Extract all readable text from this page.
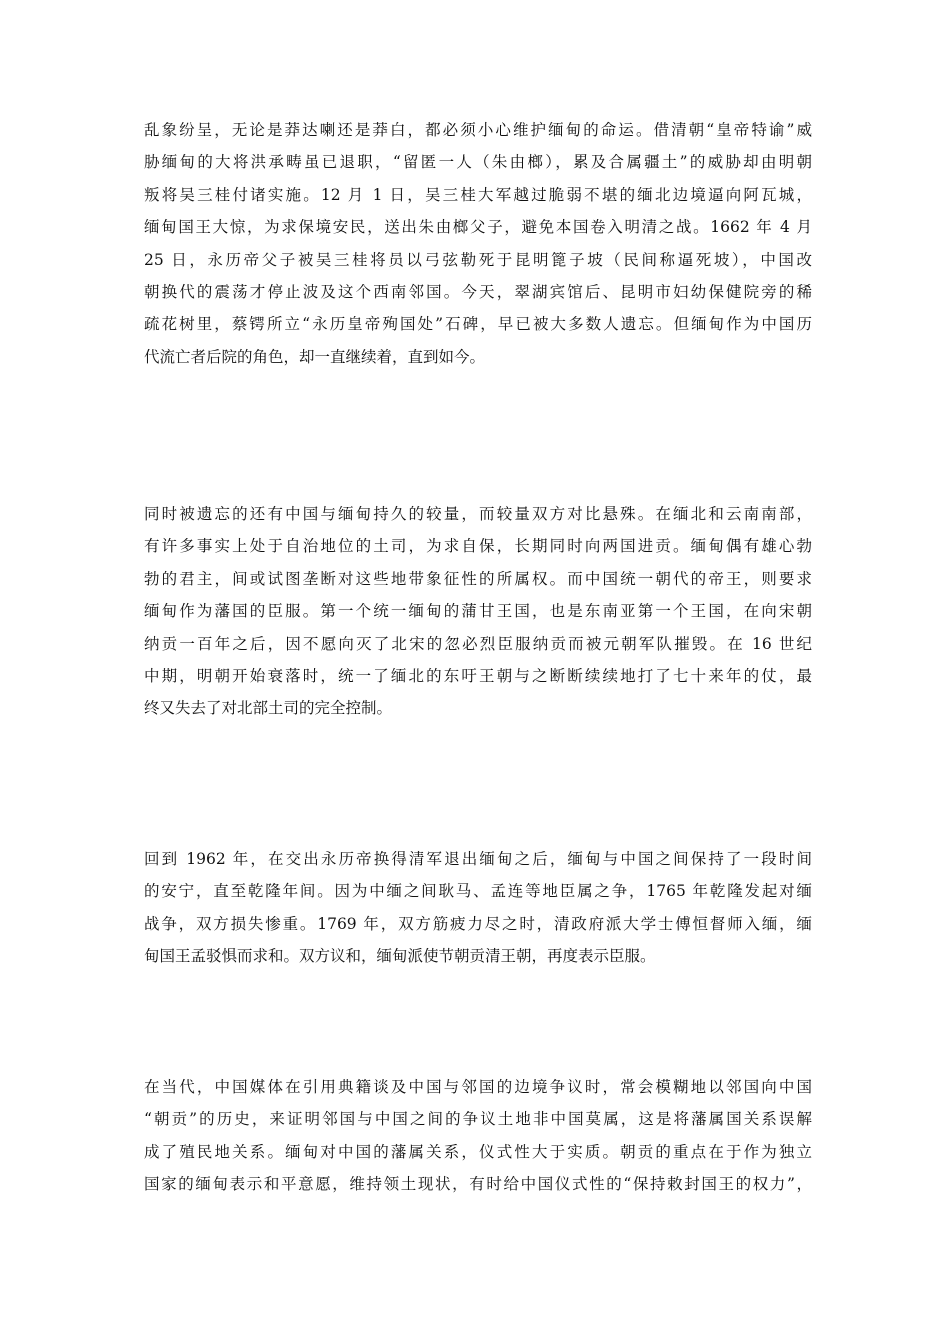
乱象纷呈，无论是莽达喇还是莽白，都必须小心维护缅甸的命运。借清朝“皇帝特谕”威
胁缅甸的大将洪承畴虽已退职，“留匿一人（朱由榔），累及合属疆土”的威胁却由明朝
叛将吴三桂付诸实施。12 月 1 日，吴三桂大军越过脆弱不堪的缅北边境逼向阿瓦城，
缅甸国王大惊，为求保境安民，送出朱由榔父子，避免本国卷入明清之战。1662 年 4 月
25 日，永历帝父子被吴三桂将员以弓弦勒死于昆明篦子坡（民间称逼死坡），中国改
朝换代的震荡才停止波及这个西南邻国。今天，翠湖宾馆后、昆明市妇幼保健院旁的稀
疏花树里，蔡锷所立“永历皇帝殉国处”石碑，早已被大多数人遗忘。但缅甸作为中国历
代流亡者后院的角色，却一直继续着，直到如今。
同时被遗忘的还有中国与缅甸持久的较量，而较量双方对比悬殊。在缅北和云南南部，
有许多事实上处于自治地位的土司，为求自保，长期同时向两国进贡。缅甸偶有雄心勃
勃的君主，间或试图垄断对这些地带象征性的所属权。而中国统一朝代的帝王，则要求
缅甸作为藩国的臣服。第一个统一缅甸的蒲甘王国，也是东南亚第一个王国，在向宋朝
纳贡一百年之后，因不愿向灭了北宋的忽必烈臣服纳贡而被元朝军队摧毁。在 16 世纪
中期，明朝开始衰落时，统一了缅北的东吁王朝与之断断续续地打了七十来年的仗，最
终又失去了对北部土司的完全控制。
回到 1962 年，在交出永历帝换得清军退出缅甸之后，缅甸与中国之间保持了一段时间
的安宁，直至乾隆年间。因为中缅之间耿马、孟连等地臣属之争，1765 年乾隆发起对缅
战争，双方损失惨重。1769 年，双方筋疲力尽之时，清政府派大学士傅恒督师入缅，缅
甸国王孟驳惧而求和。双方议和，缅甸派使节朝贡清王朝，再度表示臣服。
在当代，中国媒体在引用典籍谈及中国与邻国的边境争议时，常会模糊地以邻国向中国
“朝贡”的历史，来证明邻国与中国之间的争议土地非中国莫属，这是将藩属国关系误解
成了殖民地关系。缅甸对中国的藩属关系，仪式性大于实质。朝贡的重点在于作为独立
国家的缅甸表示和平意愿，维持领土现状，有时给中国仪式性的“保持敕封国王的权力”，
